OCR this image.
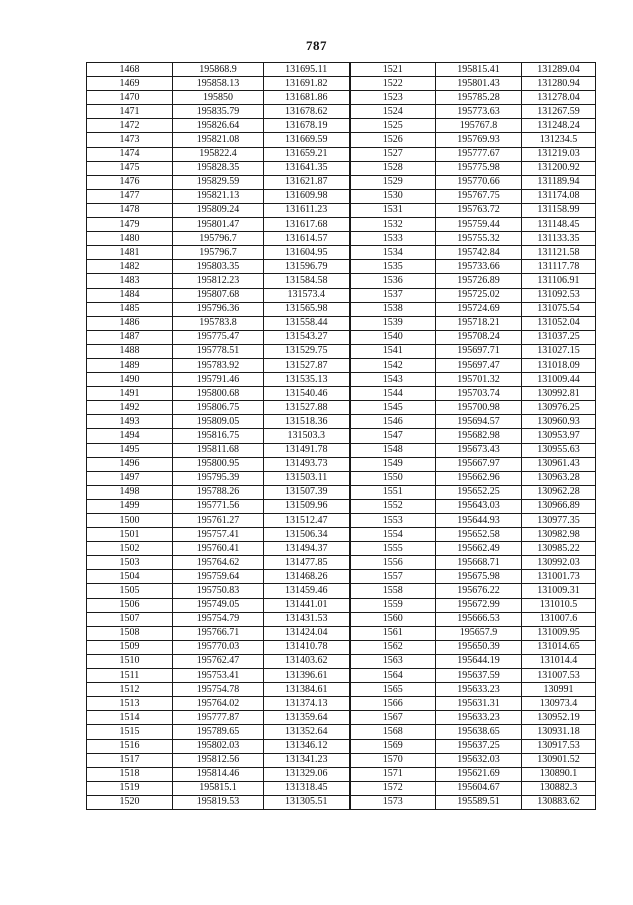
787
1468	195868.9	131695.11	1521	195815.41	131289.04
1469	195858.13	131691.82	1522	195801.43	131280.94
1470	195850	131681.86	1523	195785.28	131278.04
1471	195835.79	131678.62	1524	195773.63	131267.59
1472	195826.64	131678.19	1525	195767.8	131248.24
1473	195821.08	131669.59	1526	195769.93	131234.5
1474	195822.4	131659.21	1527	195777.67	131219.03
1475	195828.35	131641.35	1528	195775.98	131200.92
1476	195829.59	131621.87	1529	195770.66	131189.94
1477	195821.13	131609.98	1530	195767.75	131174.08
1478	195809.24	131611.23	1531	195763.72	131158.99
1479	195801.47	131617.68	1532	195759.44	131148.45
1480	195796.7	131614.57	1533	195755.32	131133.35
1481	195796.7	131604.95	1534	195742.84	131121.58
1482	195803.35	131596.79	1535	195733.66	131117.78
1483	195812.23	131584.58	1536	195726.89	131106.91
1484	195807.68	131573.4	1537	195725.02	131092.53
1485	195796.36	131565.98	1538	195724.69	131075.54
1486	195783.8	131558.44	1539	195718.21	131052.04
1487	195775.47	131543.27	1540	195708.24	131037.25
1488	195778.51	131529.75	1541	195697.71	131027.15
1489	195783.92	131527.87	1542	195697.47	131018.09
1490	195791.46	131535.13	1543	195701.32	131009.44
1491	195800.68	131540.46	1544	195703.74	130992.81
1492	195806.75	131527.88	1545	195700.98	130976.25
1493	195809.05	131518.36	1546	195694.57	130960.93
1494	195816.75	131503.3	1547	195682.98	130953.97
1495	195811.68	131491.78	1548	195673.43	130955.63
1496	195800.95	131493.73	1549	195667.97	130961.43
1497	195795.39	131503.11	1550	195662.96	130963.28
1498	195788.26	131507.39	1551	195652.25	130962.28
1499	195771.56	131509.96	1552	195643.03	130966.89
1500	195761.27	131512.47	1553	195644.93	130977.35
1501	195757.41	131506.34	1554	195652.58	130982.98
1502	195760.41	131494.37	1555	195662.49	130985.22
1503	195764.62	131477.85	1556	195668.71	130992.03
1504	195759.64	131468.26	1557	195675.98	131001.73
1505	195750.83	131459.46	1558	195676.22	131009.31
1506	195749.05	131441.01	1559	195672.99	131010.5
1507	195754.79	131431.53	1560	195666.53	131007.6
1508	195766.71	131424.04	1561	195657.9	131009.95
1509	195770.03	131410.78	1562	195650.39	131014.65
1510	195762.47	131403.62	1563	195644.19	131014.4
1511	195753.41	131396.61	1564	195637.59	131007.53
1512	195754.78	131384.61	1565	195633.23	130991
1513	195764.02	131374.13	1566	195631.31	130973.4
1514	195777.87	131359.64	1567	195633.23	130952.19
1515	195789.65	131352.64	1568	195638.65	130931.18
1516	195802.03	131346.12	1569	195637.25	130917.53
1517	195812.56	131341.23	1570	195632.03	130901.52
1518	195814.46	131329.06	1571	195621.69	130890.1
1519	195815.1	131318.45	1572	195604.67	130882.3
1520	195819.53	131305.51	1573	195589.51	130883.62
